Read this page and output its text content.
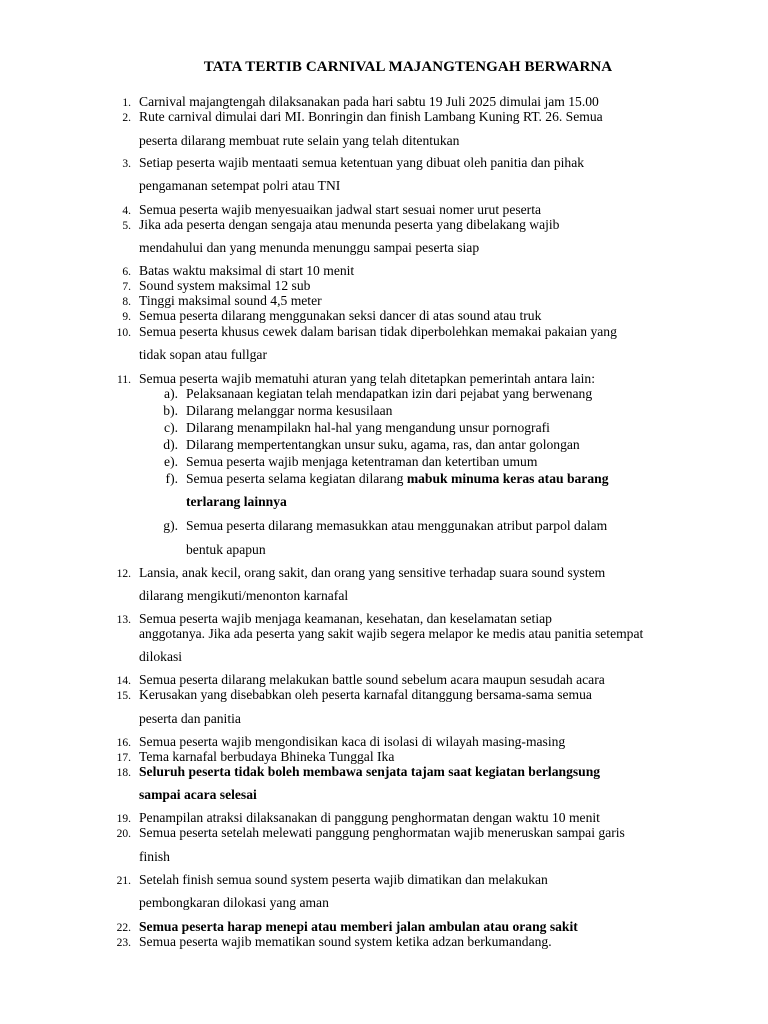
TATA TERTIB CARNIVAL MAJANGTENGAH BERWARNA
1. Carnival majangtengah dilaksanakan pada hari sabtu 19 Juli 2025 dimulai jam 15.00
2. Rute carnival dimulai dari MI. Bonringin dan finish Lambang Kuning RT. 26. Semua
peserta dilarang membuat rute selain yang telah ditentukan
3. Setiap peserta wajib mentaati semua ketentuan yang dibuat oleh panitia dan pihak
pengamanan setempat polri atau TNI
4. Semua peserta wajib menyesuaikan jadwal start sesuai nomer urut peserta
5. Jika ada peserta dengan sengaja atau menunda peserta yang dibelakang wajib
mendahului dan yang menunda menunggu sampai peserta siap
6. Batas waktu maksimal di start 10 menit
7. Sound system maksimal 12 sub
8. Tinggi maksimal sound 4,5 meter
9. Semua peserta dilarang menggunakan seksi dancer di atas sound atau truk
10. Semua peserta khusus cewek dalam barisan tidak diperbolehkan memakai pakaian yang
tidak sopan atau fullgar
11. Semua peserta wajib mematuhi aturan yang telah ditetapkan pemerintah antara lain:
a). Pelaksanaan kegiatan telah mendapatkan izin dari pejabat yang berwenang
b). Dilarang melanggar norma kesusilaan
c). Dilarang menampilakn hal-hal yang mengandung unsur pornografi
d). Dilarang mempertentangkan unsur suku, agama, ras, dan antar golongan
e). Semua peserta wajib menjaga ketentraman dan ketertiban umum
f). Semua peserta selama kegiatan dilarang mabuk minuma keras atau barang
terlarang lainnya
g). Semua peserta dilarang memasukkan atau menggunakan atribut parpol dalam
bentuk apapun
12. Lansia, anak kecil, orang sakit, dan orang yang sensitive terhadap suara sound system
dilarang mengikuti/menonton karnafal
13. Semua peserta wajib menjaga keamanan, kesehatan, dan keselamatan setiap
anggotanya. Jika ada peserta yang sakit wajib segera melapor ke medis atau panitia setempat
dilokasi
14. Semua peserta dilarang melakukan battle sound sebelum acara maupun sesudah acara
15. Kerusakan yang disebabkan oleh peserta karnafal ditanggung bersama-sama semua
peserta dan panitia
16. Semua peserta wajib mengondisikan kaca di isolasi di wilayah masing-masing
17. Tema karnafal berbudaya Bhineka Tunggal Ika
18. Seluruh peserta tidak boleh membawa senjata tajam saat kegiatan berlangsung
sampai acara selesai
19. Penampilan atraksi dilaksanakan di panggung penghormatan dengan waktu 10 menit
20. Semua peserta setelah melewati panggung penghormatan wajib meneruskan sampai garis
finish
21. Setelah finish semua sound system peserta wajib dimatikan dan melakukan
pembongkaran dilokasi yang aman
22. Semua peserta harap menepi atau memberi jalan ambulan atau orang sakit
23. Semua peserta wajib mematikan sound system ketika adzan berkumandang.
